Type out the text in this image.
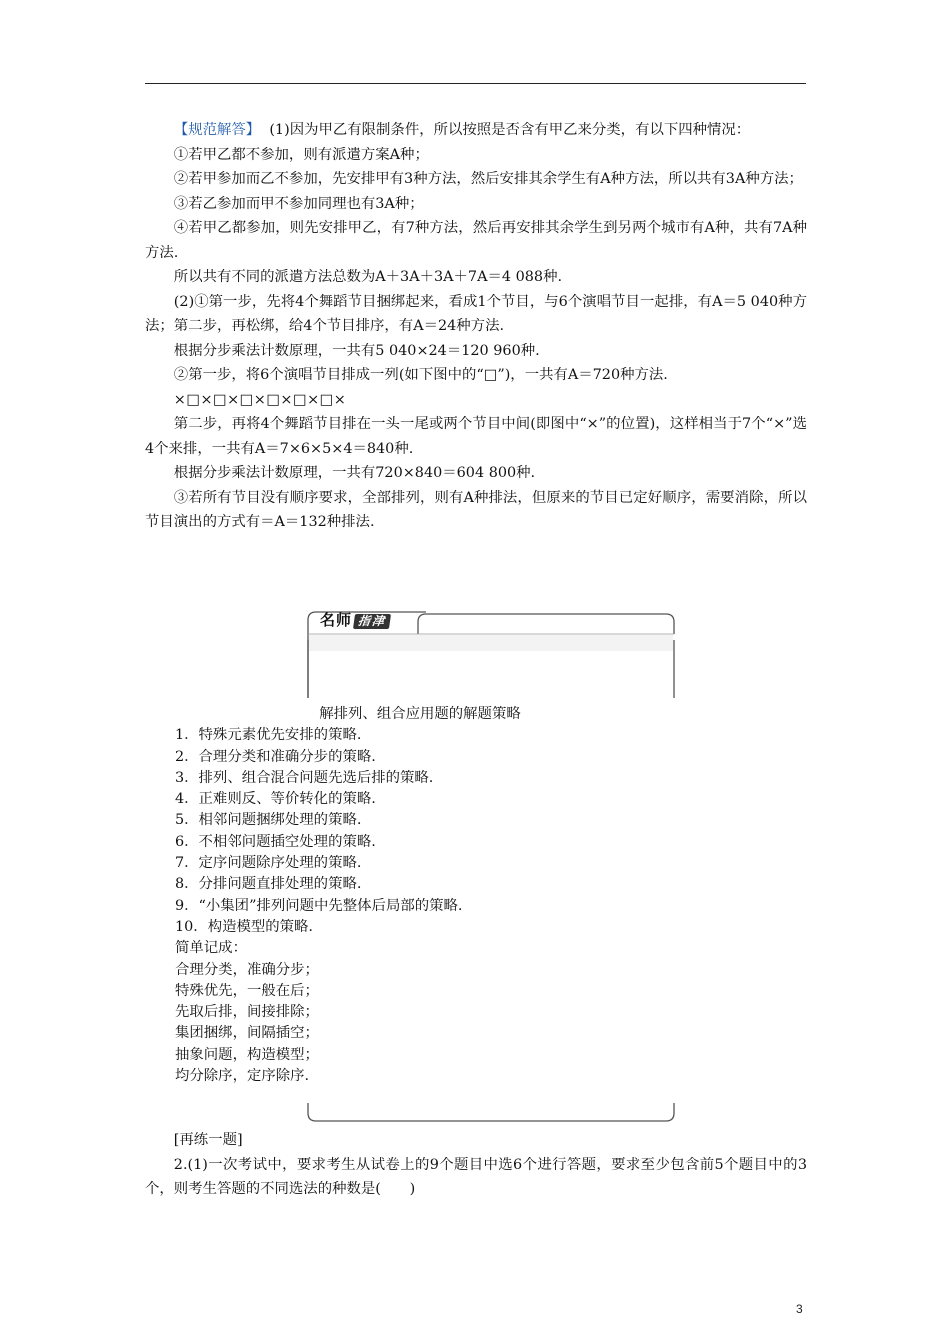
【规范解答】 (1)因为甲乙有限制条件，所以按照是否含有甲乙来分类，有以下四种情况：

①若甲乙都不参加，则有派遣方案A种；

②若甲参加而乙不参加，先安排甲有3种方法，然后安排其余学生有A种方法，所以共有3A种方法；

③若乙参加而甲不参加同理也有3A种；

④若甲乙都参加，则先安排甲乙，有7种方法，然后再安排其余学生到另两个城市有A种，共有7A种方法.

所以共有不同的派遣方法总数为A＋3A＋3A＋7A＝4 088种.

(2)①第一步，先将4个舞蹈节目捆绑起来，看成1个节目，与6个演唱节目一起排，有A＝5 040种方法；第二步，再松绑，给4个节目排序，有A＝24种方法.

根据分步乘法计数原理，一共有5 040×24＝120 960种.

②第一步，将6个演唱节目排成一列(如下图中的“□”)，一共有A＝720种方法.

×□×□×□×□×□×□×

第二步，再将4个舞蹈节目排在一头一尾或两个节目中间(即图中“×”的位置)，这样相当于7个“×”选4个来排，一共有A＝7×6×5×4＝840种.

根据分步乘法计数原理，一共有720×840＝604 800种.

③若所有节目没有顺序要求，全部排列，则有A种排法，但原来的节目已定好顺序，需要消除，所以节目演出的方式有＝A＝132种排法.

名师 指津
解排列、组合应用题的解题策略
1．特殊元素优先安排的策略.
2．合理分类和准确分步的策略.
3．排列、组合混合问题先选后排的策略.
4．正难则反、等价转化的策略.
5．相邻问题捆绑处理的策略.
6．不相邻问题插空处理的策略.
7．定序问题除序处理的策略.
8．分排问题直排处理的策略.
9．“小集团”排列问题中先整体后局部的策略.
10．构造模型的策略.
简单记成：
合理分类，准确分步；
特殊优先，一般在后；
先取后排，间接排除；
集团捆绑，间隔插空；
抽象问题，构造模型；
均分除序，定序除序.

[再练一题]

2.(1)一次考试中，要求考生从试卷上的9个题目中选6个进行答题，要求至少包含前5个题目中的3个，则考生答题的不同选法的种数是(　　)

3
